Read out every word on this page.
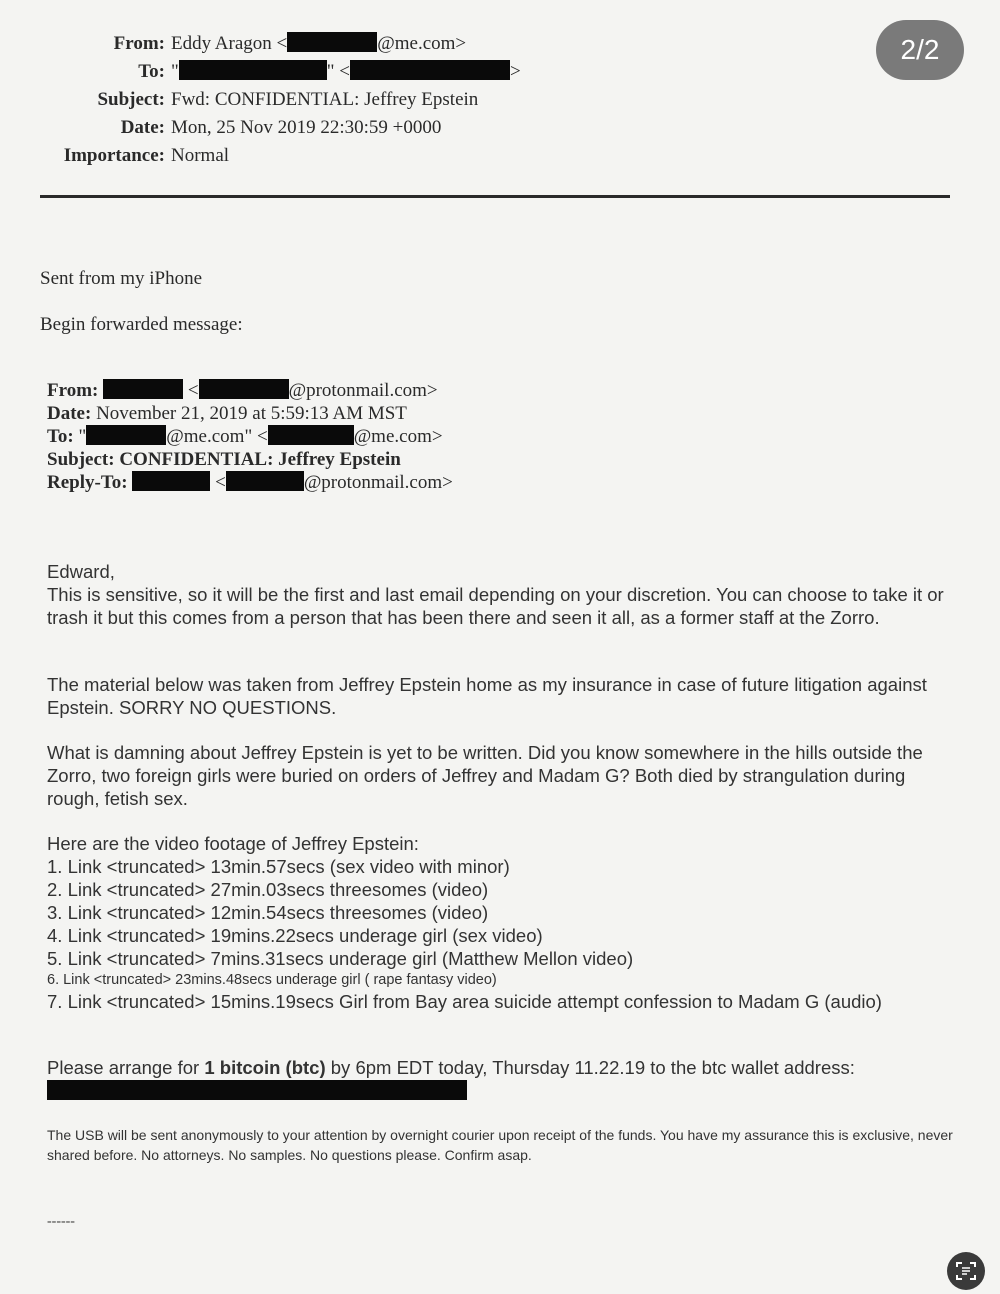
2/2
From: Eddy Aragon <	@me.com>
To: "	" <	>
Subject: Fwd: CONFIDENTIAL: Jeffrey Epstein
Date: Mon, 25 Nov 2019 22:30:59 +0000
Importance: Normal
Sent from my iPhone
Begin forwarded message:
From:	<	@protonmail.com>
Date: November 21, 2019 at 5:59:13 AM MST
To: "	@me.com" <	@me.com>
Subject: CONFIDENTIAL: Jeffrey Epstein
Reply-To:	<	@protonmail.com>

Edward,

This is sensitive, so it will be the first and last email depending on your discretion. You can choose to take it or trash it but this comes from a person that has been there and seen it all, as a former staff at the Zorro.

The material below was taken from Jeffrey Epstein home as my insurance in case of future litigation against Epstein. SORRY NO QUESTIONS.

What is damning about Jeffrey Epstein is yet to be written. Did you know somewhere in the hills outside the Zorro, two foreign girls were buried on orders of Jeffrey and Madam G? Both died by strangulation during rough, fetish sex.

Here are the video footage of Jeffrey Epstein:

1. Link <truncated> 13min.57secs (sex video with minor)

2. Link <truncated> 27min.03secs threesomes (video)

3. Link <truncated> 12min.54secs threesomes (video)

4. Link <truncated> 19mins.22secs underage girl (sex video)

5. Link <truncated> 7mins.31secs underage girl (Matthew Mellon video)

6. Link <truncated> 23mins.48secs underage girl ( rape fantasy video)

7. Link <truncated> 15mins.19secs Girl from Bay area suicide attempt confession to Madam G (audio)

Please arrange for 1 bitcoin (btc) by 6pm EDT today, Thursday 11.22.19 to the btc wallet address:

The USB will be sent anonymously to your attention by overnight courier upon receipt of the funds. You have my assurance this is exclusive, never shared before. No attorneys. No samples. No questions please. Confirm asap.

------
